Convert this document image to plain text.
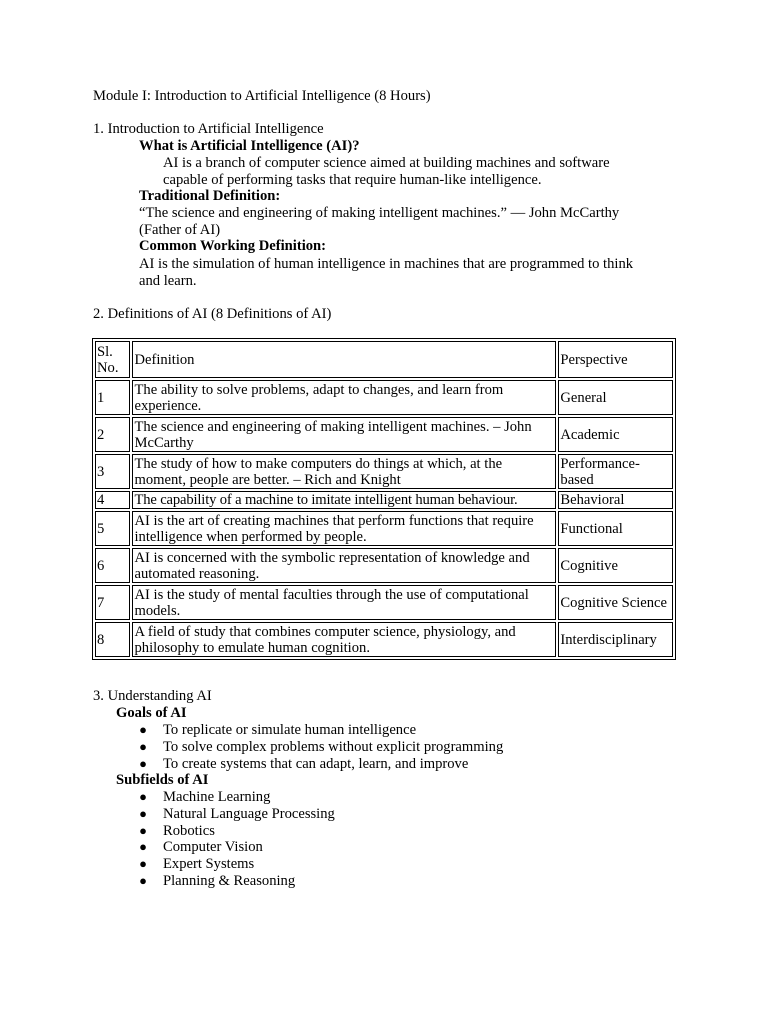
Module I: Introduction to Artificial Intelligence (8 Hours)
1. Introduction to Artificial Intelligence
What is Artificial Intelligence (AI)?
AI is a branch of computer science aimed at building machines and software
capable of performing tasks that require human-like intelligence.
Traditional Definition:
“The science and engineering of making intelligent machines.” — John McCarthy
(Father of AI)
Common Working Definition:
AI is the simulation of human intelligence in machines that are programmed to think
and learn.
2. Definitions of AI (8 Definitions of AI)
Sl. No.	Definition	Perspective
1	The ability to solve problems, adapt to changes, and learn from experience.	General
2	The science and engineering of making intelligent machines. – John McCarthy	Academic
3	The study of how to make computers do things at which, at the moment, people are better. – Rich and Knight	Performance-based
4	The capability of a machine to imitate intelligent human behaviour.	Behavioral
5	AI is the art of creating machines that perform functions that require intelligence when performed by people.	Functional
6	AI is concerned with the symbolic representation of knowledge and automated reasoning.	Cognitive
7	AI is the study of mental faculties through the use of computational models.	Cognitive Science
8	A field of study that combines computer science, physiology, and philosophy to emulate human cognition.	Interdisciplinary
3. Understanding AI
Goals of AI
● To replicate or simulate human intelligence
● To solve complex problems without explicit programming
● To create systems that can adapt, learn, and improve
Subfields of AI
● Machine Learning
● Natural Language Processing
● Robotics
● Computer Vision
● Expert Systems
● Planning & Reasoning
